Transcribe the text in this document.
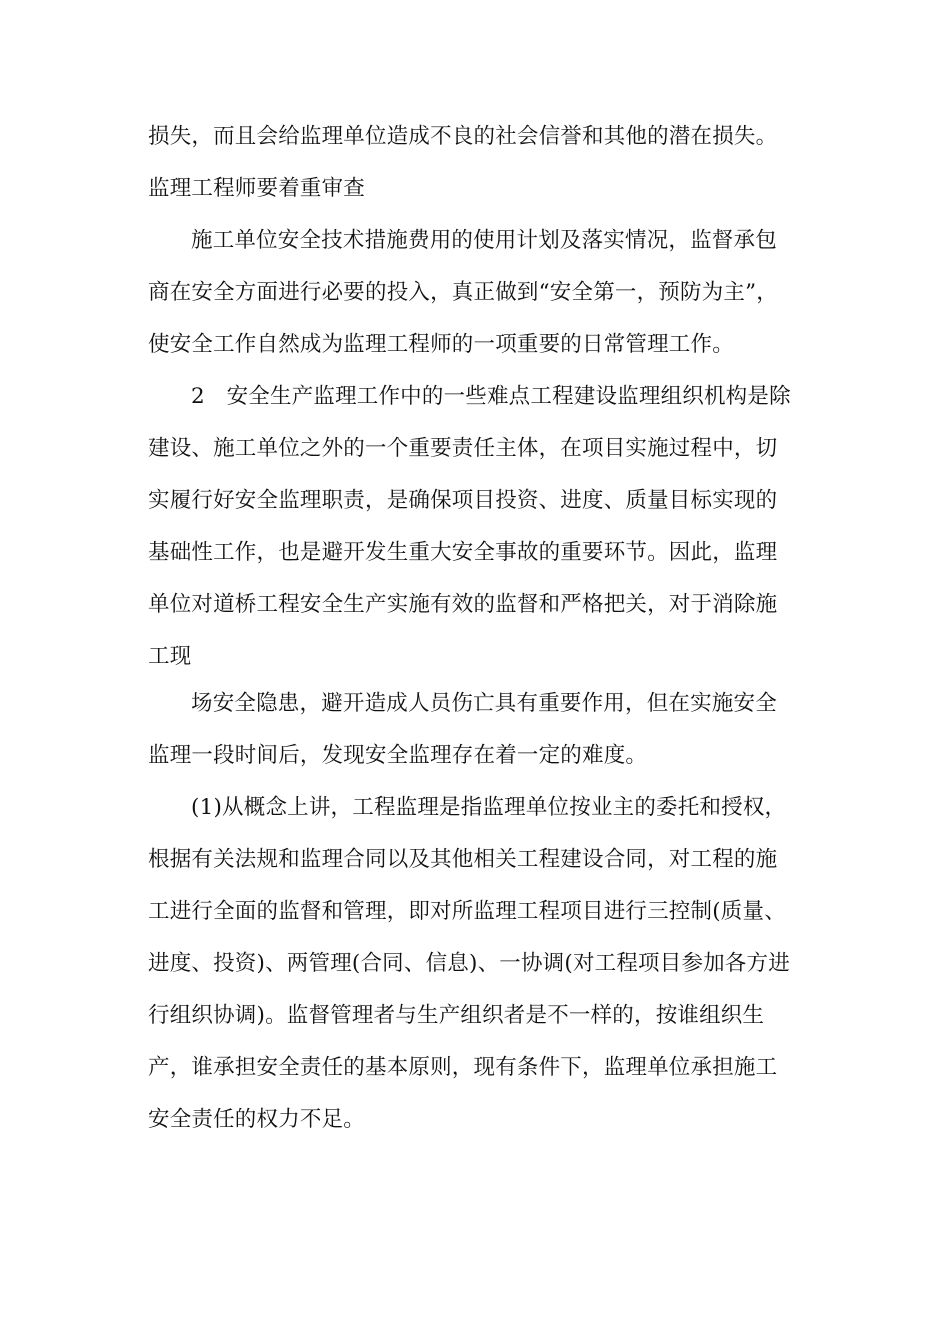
损失，而且会给监理单位造成不良的社会信誉和其他的潜在损失。
监理工程师要着重审查
施工单位安全技术措施费用的使用计划及落实情况，监督承包
商在安全方面进行必要的投入，真正做到“安全第一，预防为主”，
使安全工作自然成为监理工程师的一项重要的日常管理工作。
2　安全生产监理工作中的一些难点工程建设监理组织机构是除
建设、施工单位之外的一个重要责任主体，在项目实施过程中，切
实履行好安全监理职责，是确保项目投资、进度、质量目标实现的
基础性工作，也是避开发生重大安全事故的重要环节。因此，监理
单位对道桥工程安全生产实施有效的监督和严格把关，对于消除施
工现
场安全隐患，避开造成人员伤亡具有重要作用，但在实施安全
监理一段时间后，发现安全监理存在着一定的难度。
(1)从概念上讲，工程监理是指监理单位按业主的委托和授权，
根据有关法规和监理合同以及其他相关工程建设合同，对工程的施
工进行全面的监督和管理，即对所监理工程项目进行三控制(质量、
进度、投资)、两管理(合同、信息)、一协调(对工程项目参加各方进
行组织协调)。监督管理者与生产组织者是不一样的，按谁组织生
产，谁承担安全责任的基本原则，现有条件下，监理单位承担施工
安全责任的权力不足。
